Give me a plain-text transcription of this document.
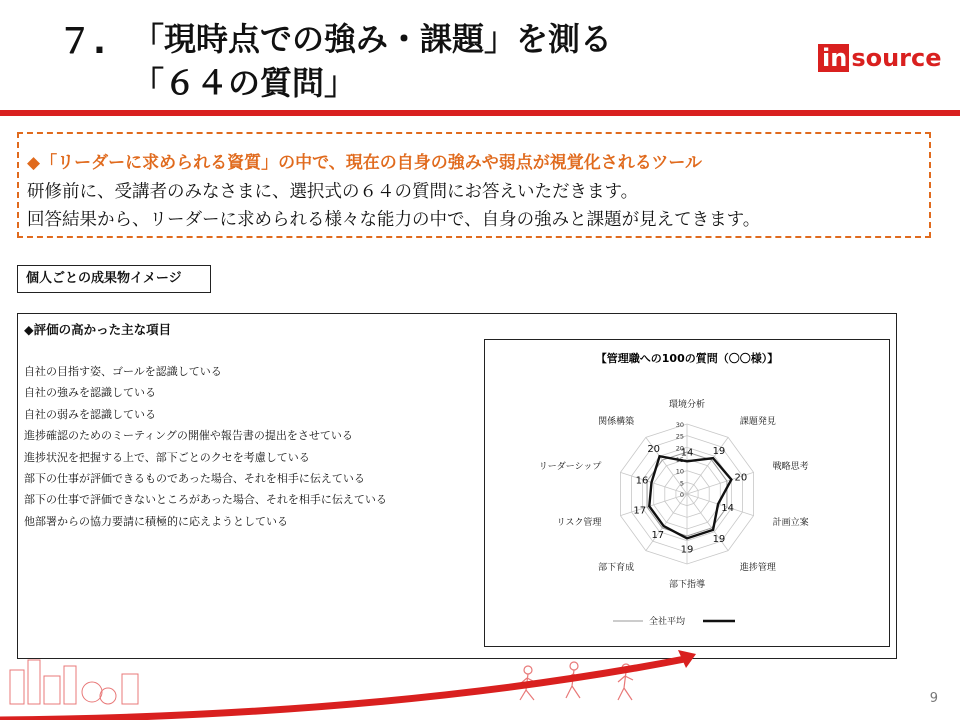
７. 「現時点での強み・課題」を測る
「６４の質問」
in source
◆「リーダーに求められる資質」の中で、現在の自身の強みや弱点が視覚化されるツール
研修前に、受講者のみなさまに、選択式の６４の質問にお答えいただきます。
回答結果から、リーダーに求められる様々な能力の中で、自身の強みと課題が見えてきます。
個人ごとの成果物イメージ
◆評価の高かった主な項目
自社の目指す姿、ゴールを認識している
自社の強みを認識している
自社の弱みを認識している
進捗確認のためのミーティングの開催や報告書の提出をさせている
進捗状況を把握する上で、部下ごとのクセを考慮している
部下の仕事が評価できるものであった場合、それを相手に伝えている
部下の仕事で評価できないところがあった場合、それを相手に伝えている
他部署からの協力要請に積極的に応えようとしている
【管理職への100の質問（〇〇様）】
0
5
10
15
20
25
30
14 19
20
14
19
19
17
17
16
20
環境分析
課題発見
戦略思考
計画立案
進捗管理
部下指導
部下育成
リスク管理
リーダーシップ
関係構築
全社平均
9
